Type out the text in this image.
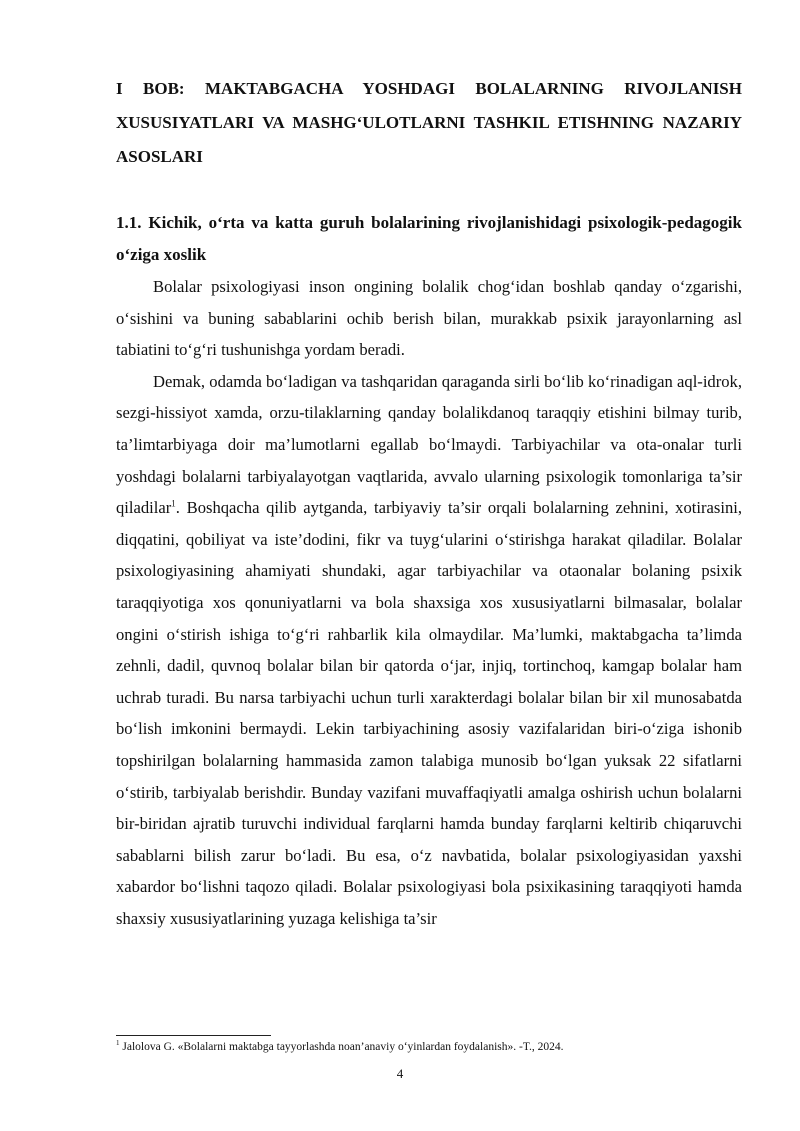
I BOB: MAKTABGACHA YOSHDAGI BOLALARNING RIVOJLANISH XUSUSIYATLARI VA MASHG‘ULOTLARNI TASHKIL ETISHNING NAZARIY ASOSLARI
1.1. Kichik, o‘rta va katta guruh bolalarining rivojlanishidagi psixologik-pedagogik o‘ziga xoslik

Bolalar psixologiyasi inson ongining bolalik chog‘idan boshlab qanday o‘zgarishi, o‘sishini va buning sabablarini ochib berish bilan, murakkab psixik jarayonlarning asl tabiatini to‘g‘ri tushunishga yordam beradi.

Demak, odamda bo‘ladigan va tashqaridan qaraganda sirli bo‘lib ko‘rinadigan aql-idrok, sezgi-hissiyot xamda, orzu-tilaklarning qanday bolalikdanoq taraqqiy etishini bilmay turib, ta’limtarbiyaga doir ma’lumotlarni egallab bo‘lmaydi. Tarbiyachilar va ota-onalar turli yoshdagi bolalarni tarbiyalayotgan vaqtlarida, avvalo ularning psixologik tomonlariga ta’sir qiladilar$^1$. Boshqacha qilib aytganda, tarbiyaviy ta’sir orqali bolalarning zehnini, xotirasini, diqqatini, qobiliyat va iste’dodini, fikr va tuyg‘ularini o‘stirishga harakat qiladilar. Bolalar psixologiyasining ahamiyati shundaki, agar tarbiyachilar va otaonalar bolaning psixik taraqqiyotiga xos qonuniyatlarni va bola shaxsiga xos xususiyatlarni bilmasalar, bolalar ongini o‘stirish ishiga to‘g‘ri rahbarlik kila olmaydilar. Ma’lumki, maktabgacha ta’limda zehnli, dadil, quvnoq bolalar bilan bir qatorda o‘jar, injiq, tortinchoq, kamgap bolalar ham uchrab turadi. Bu narsa tarbiyachi uchun turli xarakterdagi bolalar bilan bir xil munosabatda bo‘lish imkonini bermaydi. Lekin tarbiyachining asosiy vazifalaridan biri-o‘ziga ishonib topshirilgan bolalarning hammasida zamon talabiga munosib bo‘lgan yuksak 22 sifatlarni o‘stirib, tarbiyalab berishdir. Bunday vazifani muvaffaqiyatli amalga oshirish uchun bolalarni bir-biridan ajratib turuvchi individual farqlarni hamda bunday farqlarni keltirib chiqaruvchi sabablarni bilish zarur bo‘ladi. Bu esa, o‘z navbatida, bolalar psixologiyasidan yaxshi xabardor bo‘lishni taqozo qiladi. Bolalar psixologiyasi bola psixikasining taraqqiyoti hamda shaxsiy xususiyatlarining yuzaga kelishiga ta’sir

$^1$ Jalolova G. «Bolalarni maktabga tayyorlashda noan’anaviy o‘yinlardan foydalanish». -T., 2024.
4
